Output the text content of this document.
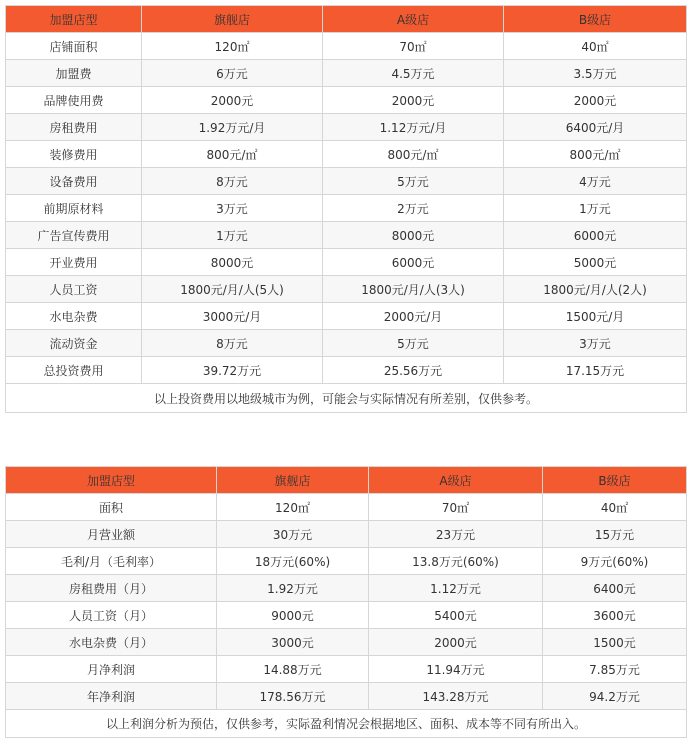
加盟店型	旗舰店	A级店	B级店
店铺面积	120㎡	70㎡	40㎡
加盟费	6万元	4.5万元	3.5万元
品牌使用费	2000元	2000元	2000元
房租费用	1.92万元/月	1.12万元/月	6400元/月
装修费用	800元/㎡	800元/㎡	800元/㎡
设备费用	8万元	5万元	4万元
前期原材料	3万元	2万元	1万元
广告宣传费用	1万元	8000元	6000元
开业费用	8000元	6000元	5000元
人员工资	1800元/月/人(5人)	1800元/月/人(3人)	1800元/月/人(2人)
水电杂费	3000元/月	2000元/月	1500元/月
流动资金	8万元	5万元	3万元
总投资费用	39.72万元	25.56万元	17.15万元
以上投资费用以地级城市为例，可能会与实际情况有所差别，仅供参考。			
加盟店型	旗舰店	A级店	B级店
面积	120㎡	70㎡	40㎡
月营业额	30万元	23万元	15万元
毛利/月（毛利率）	18万元(60%)	13.8万元(60%)	9万元(60%)
房租费用（月）	1.92万元	1.12万元	6400元
人员工资（月）	9000元	5400元	3600元
水电杂费（月）	3000元	2000元	1500元
月净利润	14.88万元	11.94万元	7.85万元
年净利润	178.56万元	143.28万元	94.2万元
以上利润分析为预估，仅供参考，实际盈利情况会根据地区、面积、成本等不同有所出入。			
